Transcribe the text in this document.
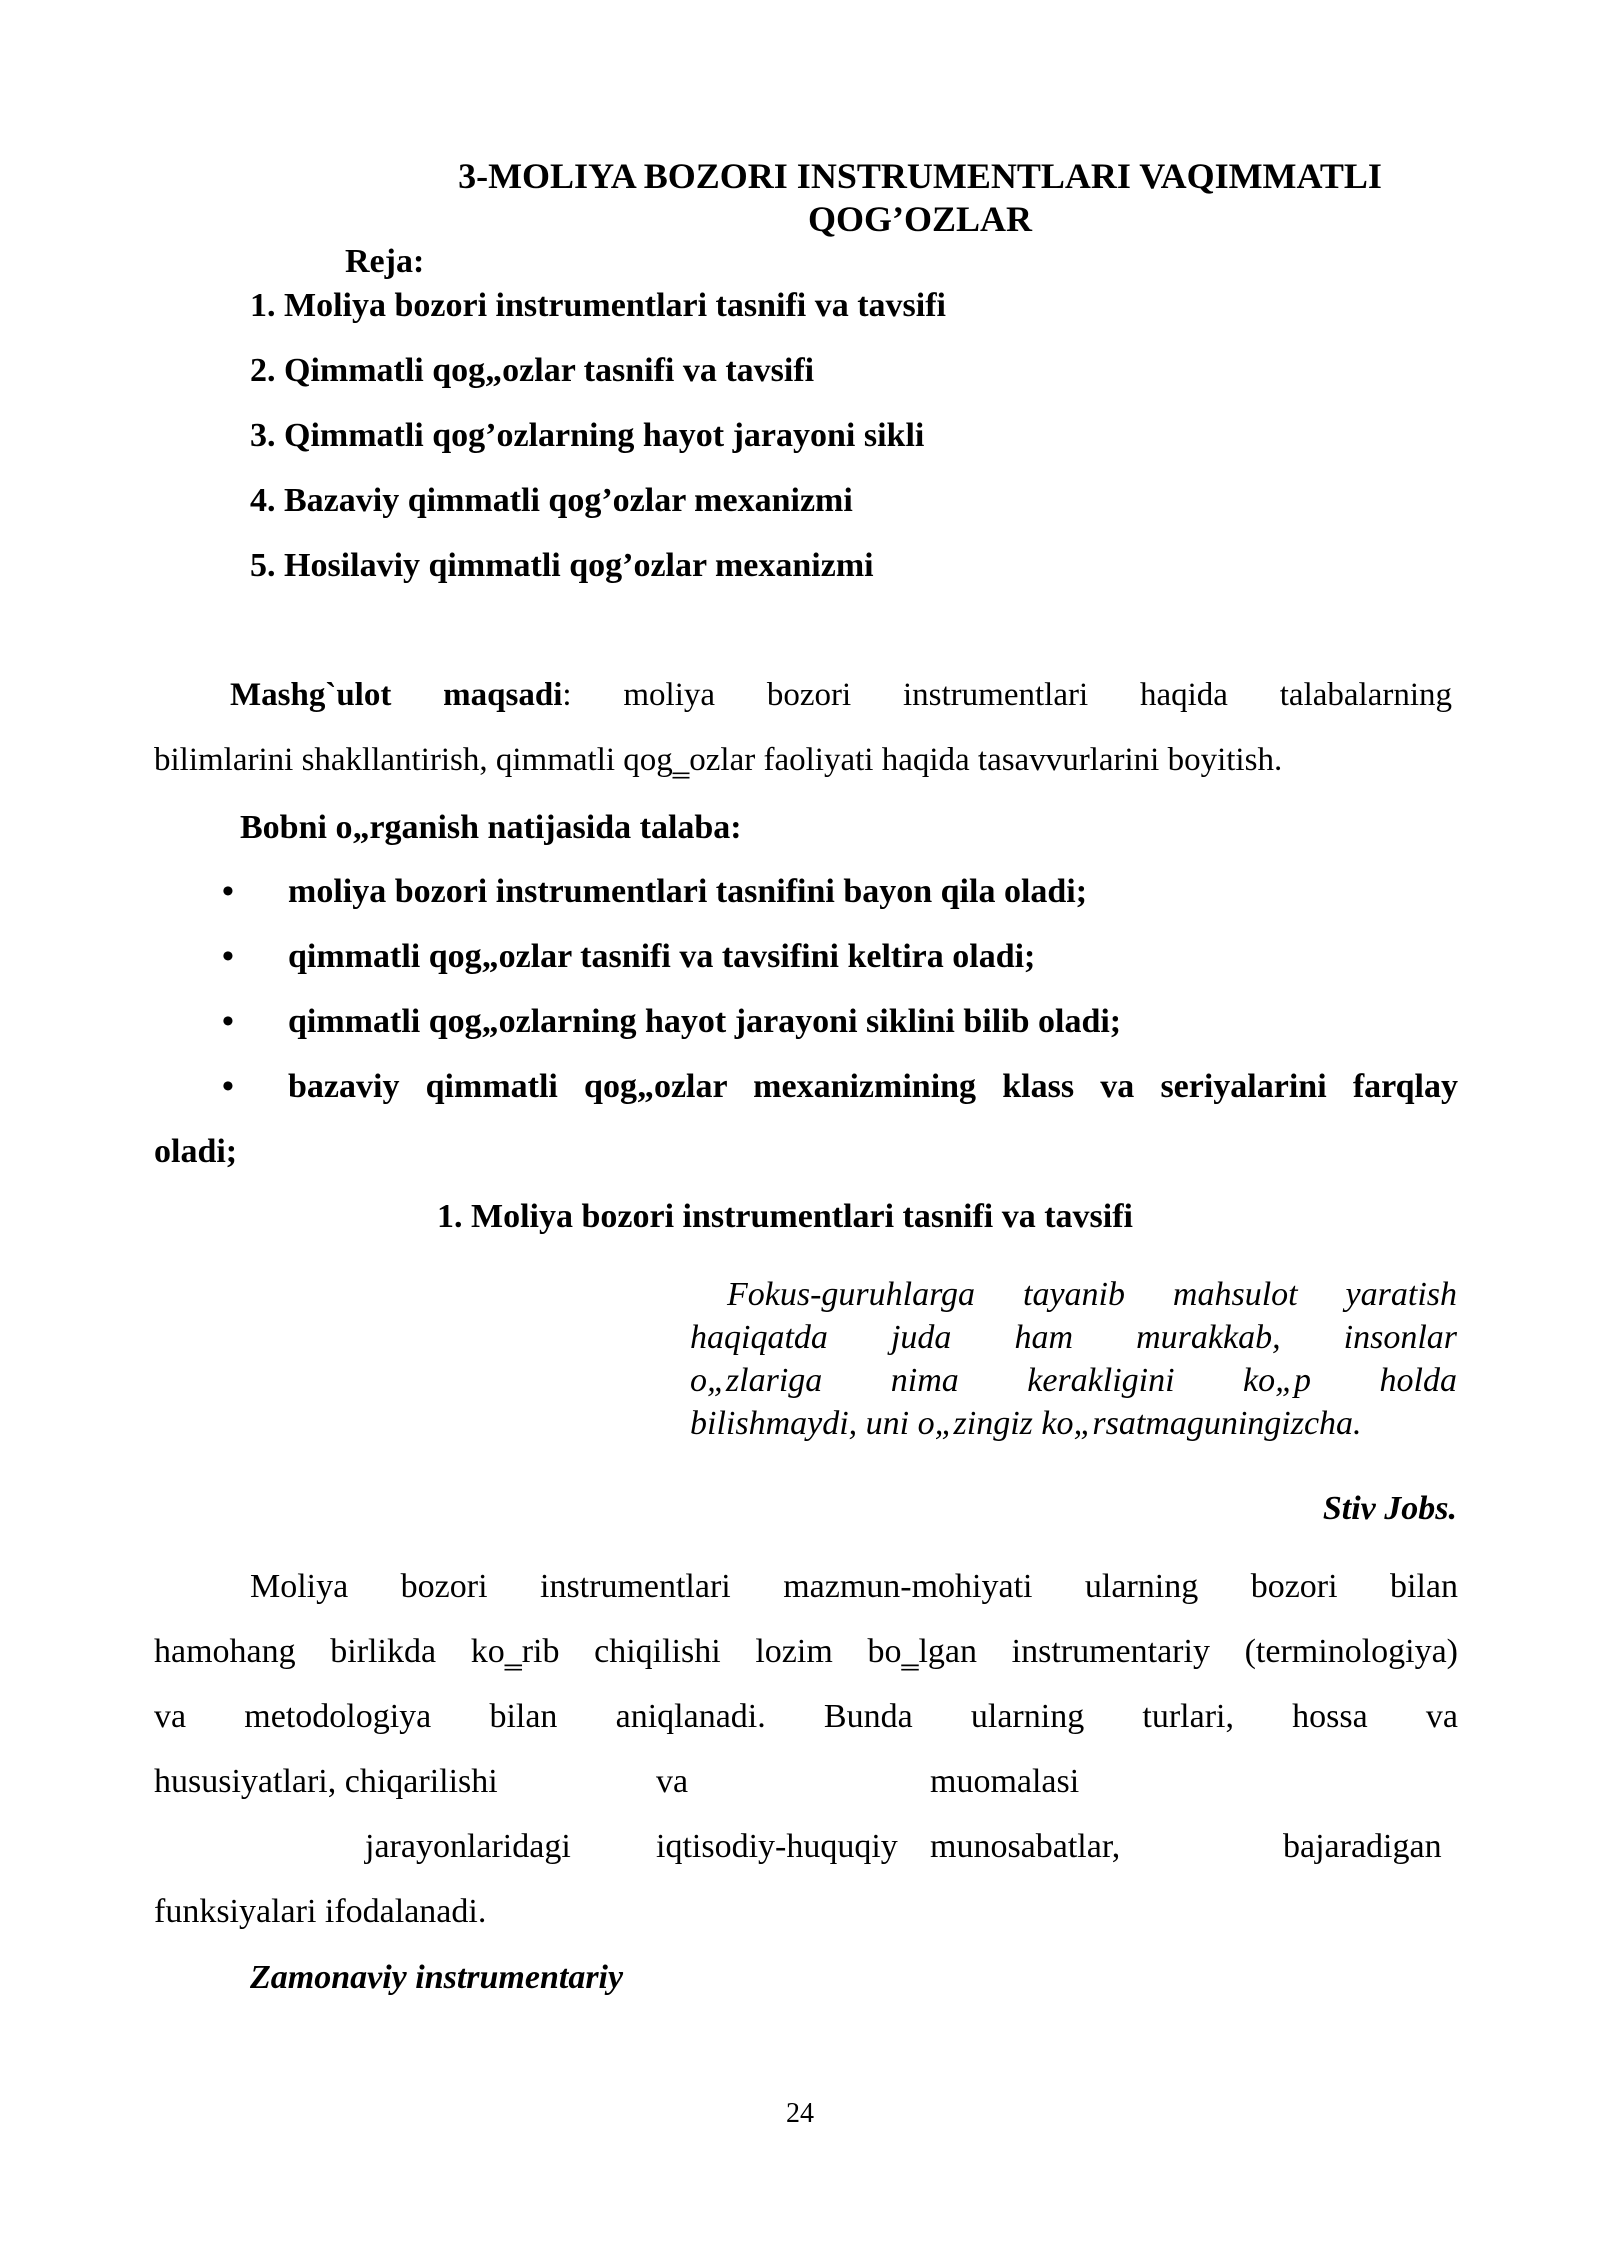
3-MOLIYA BOZORI INSTRUMENTLARI VAQIMMATLI
QOG’OZLAR
Reja:
1. Moliya bozori instrumentlari tasnifi va tavsifi
2. Qimmatli qog„ozlar tasnifi va tavsifi
3. Qimmatli qog’ozlarning hayot jarayoni sikli
4. Bazaviy qimmatli qog’ozlar mexanizmi
5. Hosilaviy qimmatli qog’ozlar mexanizmi
Mashg`ulot maqsadi: moliya bozori instrumentlari haqida talabalarning
bilimlarini shakllantirish, qimmatli qog‗ozlar faoliyati haqida tasavvurlarini boyitish.
Bobni o„rganish natijasida talaba:
• moliya bozori instrumentlari tasnifini bayon qila oladi;
• qimmatli qog„ozlar tasnifi va tavsifini keltira oladi;
• qimmatli qog„ozlarning hayot jarayoni siklini bilib oladi;
• bazaviy qimmatli qog„ozlar mexanizmining klass va seriyalarini farqlay
oladi;
1. Moliya bozori instrumentlari tasnifi va tavsifi
Fokus-guruhlarga tayanib mahsulot yaratish
haqiqatda juda ham murakkab, insonlar
o„zlariga nima kerakligini ko„p holda
bilishmaydi, uni o„zingiz ko„rsatmaguningizcha.
Stiv Jobs.
Moliya bozori instrumentlari mazmun-mohiyati ularning bozori bilan
hamohang birlikda ko‗rib chiqilishi lozim bo‗lgan instrumentariy (terminologiya)
va metodologiya bilan aniqlanadi. Bunda ularning turlari, hossa va
hususiyatlari, chiqarilishi	va	muomalasi
jarayonlaridagi	iqtisodiy-huquqiy munosabatlar,	bajaradigan
funksiyalari ifodalanadi.
Zamonaviy instrumentariy
24
